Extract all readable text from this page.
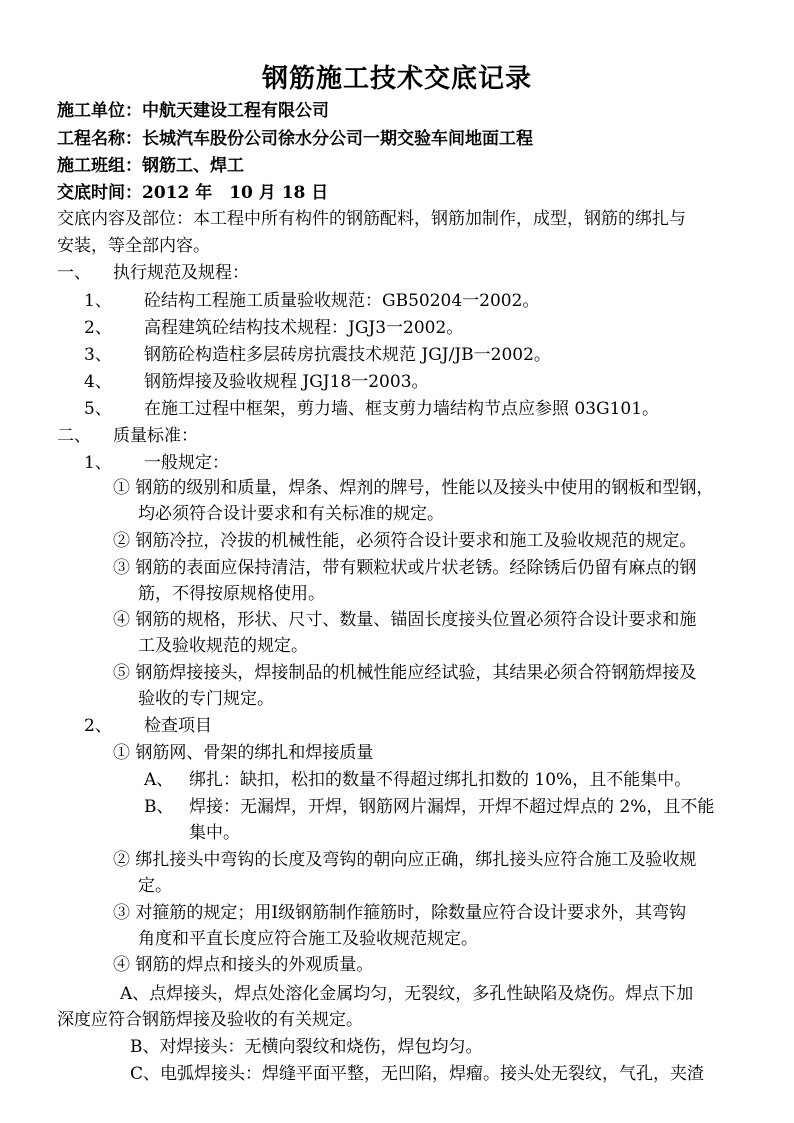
钢筋施工技术交底记录
施工单位：中航天建设工程有限公司
工程名称：长城汽车股份公司徐水分公司一期交验车间地面工程
施工班组：钢筋工、焊工
交底时间：2012 年　10 月 18 日
交底内容及部位：本工程中所有构件的钢筋配料，钢筋加制作，成型，钢筋的绑扎与
安装，等全部内容。
一、 执行规范及规程：
1、 砼结构工程施工质量验收规范：GB50204一2002。
2、 高程建筑砼结构技术规程：JGJ3一2002。
3、 钢筋砼构造柱多层砖房抗震技术规范 JGJ/JB一2002。
4、 钢筋焊接及验收规程 JGJ18一2003。
5、 在施工过程中框架，剪力墙、框支剪力墙结构节点应参照 03G101。
二、 质量标准：
1、 一般规定：
① 钢筋的级别和质量，焊条、焊剂的牌号，性能以及接头中使用的钢板和型钢，
均必须符合设计要求和有关标准的规定。
② 钢筋冷拉，冷拔的机械性能，必须符合设计要求和施工及验收规范的规定。
③ 钢筋的表面应保持清洁，带有颗粒状或片状老锈。经除锈后仍留有麻点的钢
筋，不得按原规格使用。
④ 钢筋的规格，形状、尺寸、数量、锚固长度接头位置必须符合设计要求和施
工及验收规范的规定。
⑤ 钢筋焊接接头，焊接制品的机械性能应经试验，其结果必须合符钢筋焊接及
验收的专门规定。
2、 检查项目
① 钢筋网、骨架的绑扎和焊接质量
A、 绑扎：缺扣，松扣的数量不得超过绑扎扣数的 10%，且不能集中。
B、 焊接：无漏焊，开焊，钢筋网片漏焊，开焊不超过焊点的 2%，且不能
集中。
② 绑扎接头中弯钩的长度及弯钩的朝向应正确，绑扎接头应符合施工及验收规
定。
③ 对箍筋的规定；用Ⅰ级钢筋制作箍筋时，除数量应符合设计要求外，其弯钩
角度和平直长度应符合施工及验收规范规定。
④ 钢筋的焊点和接头的外观质量。
A、点焊接头，焊点处溶化金属均匀，无裂纹，多孔性缺陷及烧伤。焊点下加
深度应符合钢筋焊接及验收的有关规定。
B、对焊接头：无横向裂纹和烧伤，焊包均匀。
C、电弧焊接头：焊缝平面平整，无凹陷，焊瘤。接头处无裂纹，气孔，夹渣
